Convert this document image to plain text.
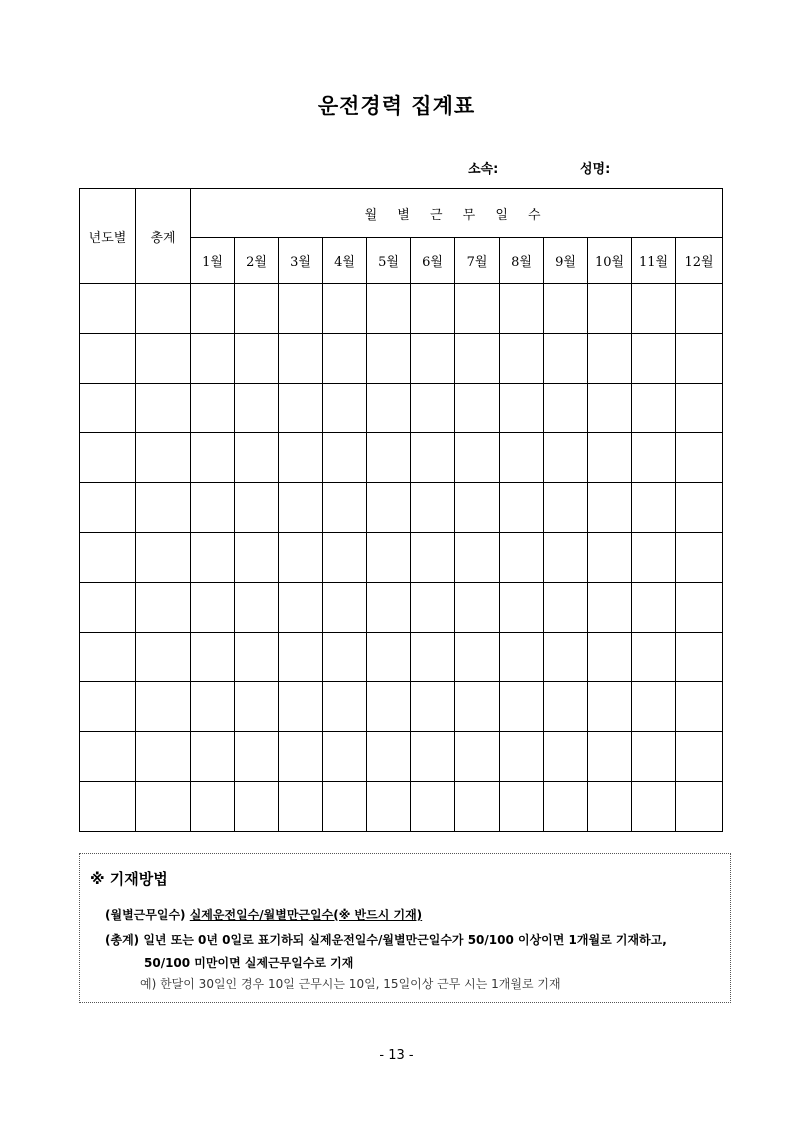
운전경력 집계표
소속:	성명:
년도별	총계	월 별 근 무 일 수											
		1월	2월	3월	4월	5월	6월	7월	8월	9월	10월	11월	12월

※ 기재방법
(월별근무일수) 실제운전일수/월별만근일수(※ 반드시 기재)
(총계) 일년 또는 0년 0일로 표기하되 실제운전일수/월별만근일수가 50/100 이상이면 1개월로 기재하고,
50/100 미만이면 실제근무일수로 기재
예) 한달이 30일인 경우 10일 근무시는 10일, 15일이상 근무 시는 1개월로 기재
- 13 -
